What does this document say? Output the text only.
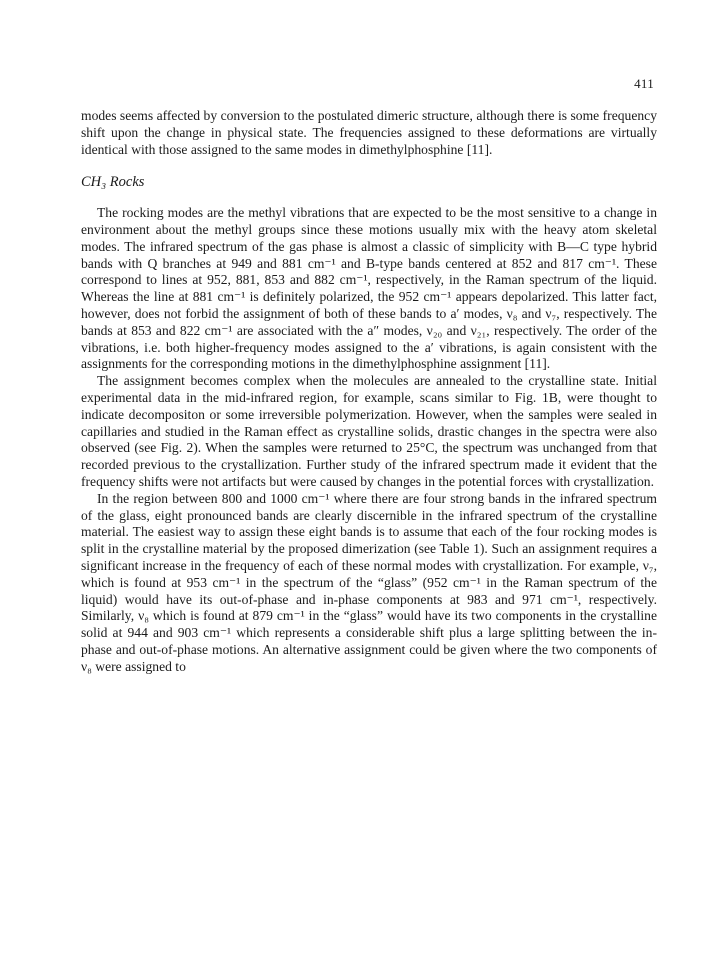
411

modes seems affected by conversion to the postulated dimeric structure, although there is some frequency shift upon the change in physical state. The frequencies assigned to these deformations are virtually identical with those assigned to the same modes in dimethylphosphine [11].

CH₃ Rocks

The rocking modes are the methyl vibrations that are expected to be the most sensitive to a change in environment about the methyl groups since these motions usually mix with the heavy atom skeletal modes. The infrared spectrum of the gas phase is almost a classic of simplicity with B—C type hybrid bands with Q branches at 949 and 881 cm⁻¹ and B-type bands centered at 852 and 817 cm⁻¹. These correspond to lines at 952, 881, 853 and 882 cm⁻¹, respectively, in the Raman spectrum of the liquid. Whereas the line at 881 cm⁻¹ is definitely polarized, the 952 cm⁻¹ appears depolarized. This latter fact, however, does not forbid the assignment of both of these bands to a′ modes, ν₈ and ν₇, respectively. The bands at 853 and 822 cm⁻¹ are associated with the a″ modes, ν₂₀ and ν₂₁, respectively. The order of the vibrations, i.e. both higher-frequency modes assigned to the a′ vibrations, is again consistent with the assignments for the corresponding motions in the dimethylphosphine assignment [11].

The assignment becomes complex when the molecules are annealed to the crystalline state. Initial experimental data in the mid-infrared region, for example, scans similar to Fig. 1B, were thought to indicate decompositon or some irreversible polymerization. However, when the samples were sealed in capillaries and studied in the Raman effect as crystalline solids, drastic changes in the spectra were also observed (see Fig. 2). When the samples were returned to 25°C, the spectrum was unchanged from that recorded previous to the crystallization. Further study of the infrared spectrum made it evident that the frequency shifts were not artifacts but were caused by changes in the potential forces with crystallization.

In the region between 800 and 1000 cm⁻¹ where there are four strong bands in the infrared spectrum of the glass, eight pronounced bands are clearly discernible in the infrared spectrum of the crystalline material. The easiest way to assign these eight bands is to assume that each of the four rocking modes is split in the crystalline material by the proposed dimerization (see Table 1). Such an assignment requires a significant increase in the frequency of each of these normal modes with crystallization. For example, ν₇, which is found at 953 cm⁻¹ in the spectrum of the “glass” (952 cm⁻¹ in the Raman spectrum of the liquid) would have its out-of-phase and in-phase components at 983 and 971 cm⁻¹, respectively. Similarly, ν₈ which is found at 879 cm⁻¹ in the “glass” would have its two components in the crystalline solid at 944 and 903 cm⁻¹ which represents a considerable shift plus a large splitting between the in-phase and out-of-phase motions. An alternative assignment could be given where the two components of ν₈ were assigned to
